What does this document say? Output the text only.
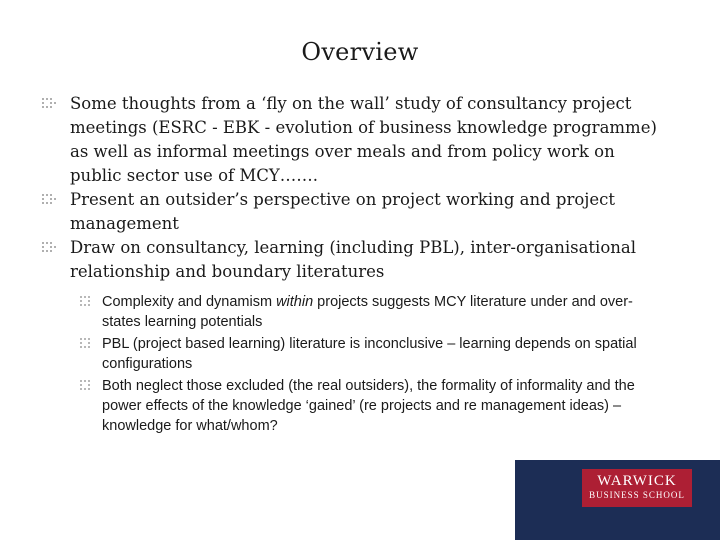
Overview
Some thoughts from a ‘fly on the wall’ study of consultancy project meetings (ESRC - EBK - evolution of business knowledge programme) as well as informal meetings over meals and from policy work on public sector use of MCY…….
Present an outsider’s perspective on project working and project management
Draw on consultancy, learning (including PBL), inter-organisational relationship and boundary literatures
Complexity and dynamism within projects suggests MCY literature under and over-states learning potentials
PBL (project based learning) literature is inconclusive – learning depends on spatial configurations
Both neglect those excluded (the real outsiders), the formality of informality and the power effects of the knowledge ‘gained’ (re projects and re management ideas) – knowledge for what/whom?
WARWICK
BUSINESS SCHOOL
